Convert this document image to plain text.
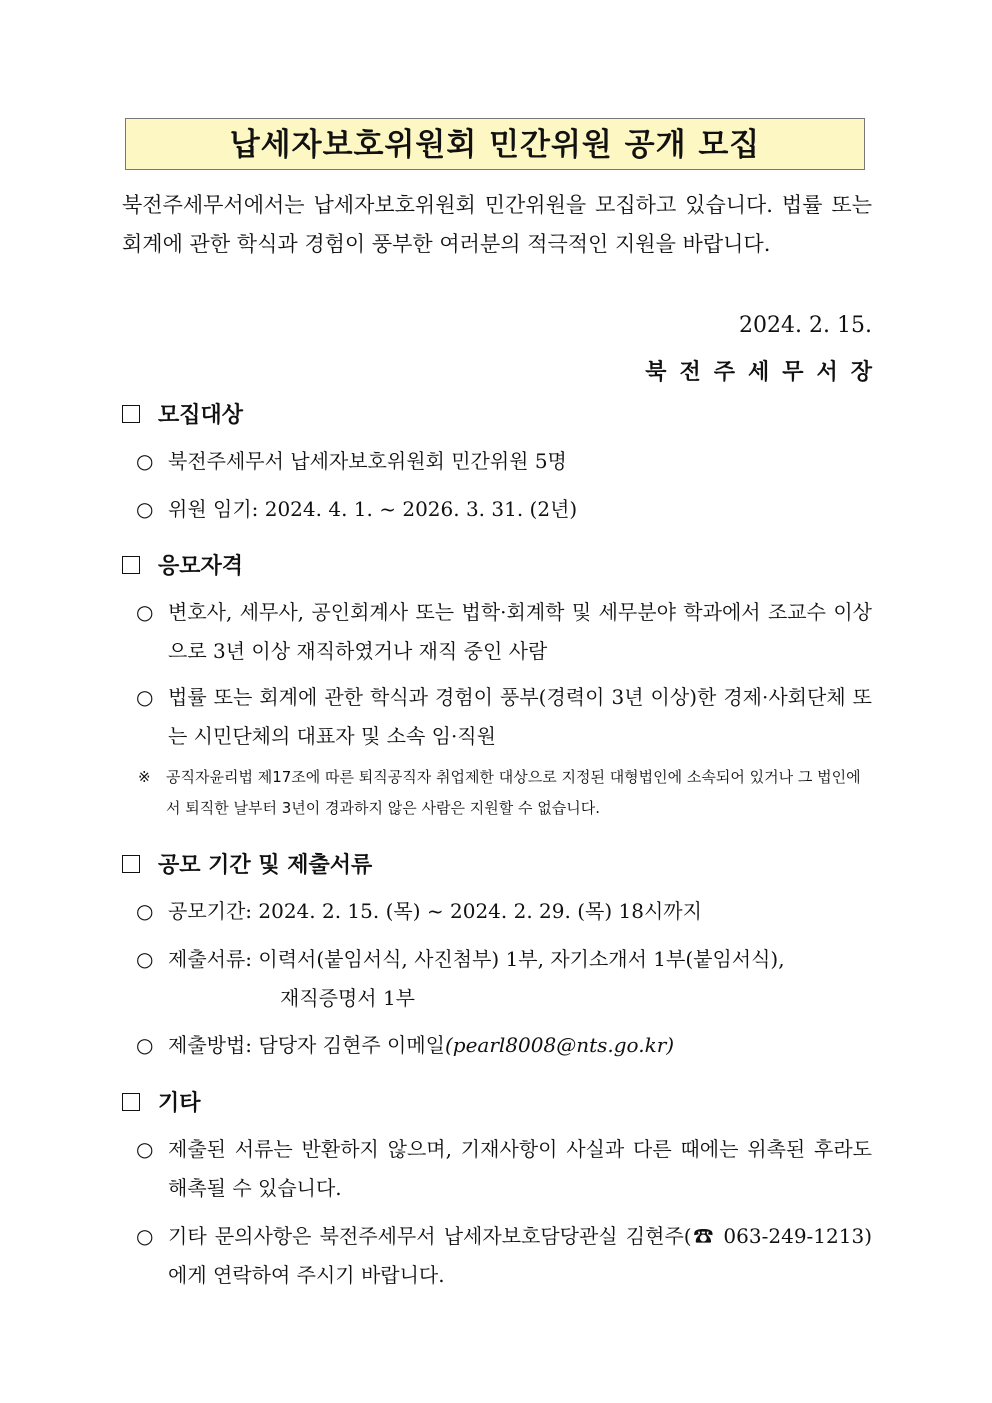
납세자보호위원회 민간위원 공개 모집

북전주세무서에서는 납세자보호위원회 민간위원을 모집하고 있습니다. 법률 또는 회계에 관한 학식과 경험이 풍부한 여러분의 적극적인 지원을 바랍니다.

2024. 2. 15.
북전주세무서장
모집대상
○ 북전주세무서 납세자보호위원회 민간위원 5명
○ 위원 임기: 2024. 4. 1. ~ 2026. 3. 31. (2년)
응모자격
○ 변호사, 세무사, 공인회계사 또는 법학·회계학 및 세무분야 학과에서 조교수 이상으로 3년 이상 재직하였거나 재직 중인 사람
○ 법률 또는 회계에 관한 학식과 경험이 풍부(경력이 3년 이상)한 경제·사회단체 또는 시민단체의 대표자 및 소속 임·직원
※ 공직자윤리법 제17조에 따른 퇴직공직자 취업제한 대상으로 지정된 대형법인에 소속되어 있거나 그 법인에서 퇴직한 날부터 3년이 경과하지 않은 사람은 지원할 수 없습니다.
공모 기간 및 제출서류
○ 공모기간: 2024. 2. 15. (목) ~ 2024. 2. 29. (목) 18시까지
○ 제출서류: 이력서(붙임서식, 사진첨부) 1부, 자기소개서 1부(붙임서식),
재직증명서 1부
○ 제출방법: 담당자 김현주 이메일(pearl8008@nts.go.kr)
기타
○ 제출된 서류는 반환하지 않으며, 기재사항이 사실과 다른 때에는 위촉된 후라도 해촉될 수 있습니다.
○ 기타 문의사항은 북전주세무서 납세자보호담당관실 김현주(☎ 063-249-1213) 에게 연락하여 주시기 바랍니다.
